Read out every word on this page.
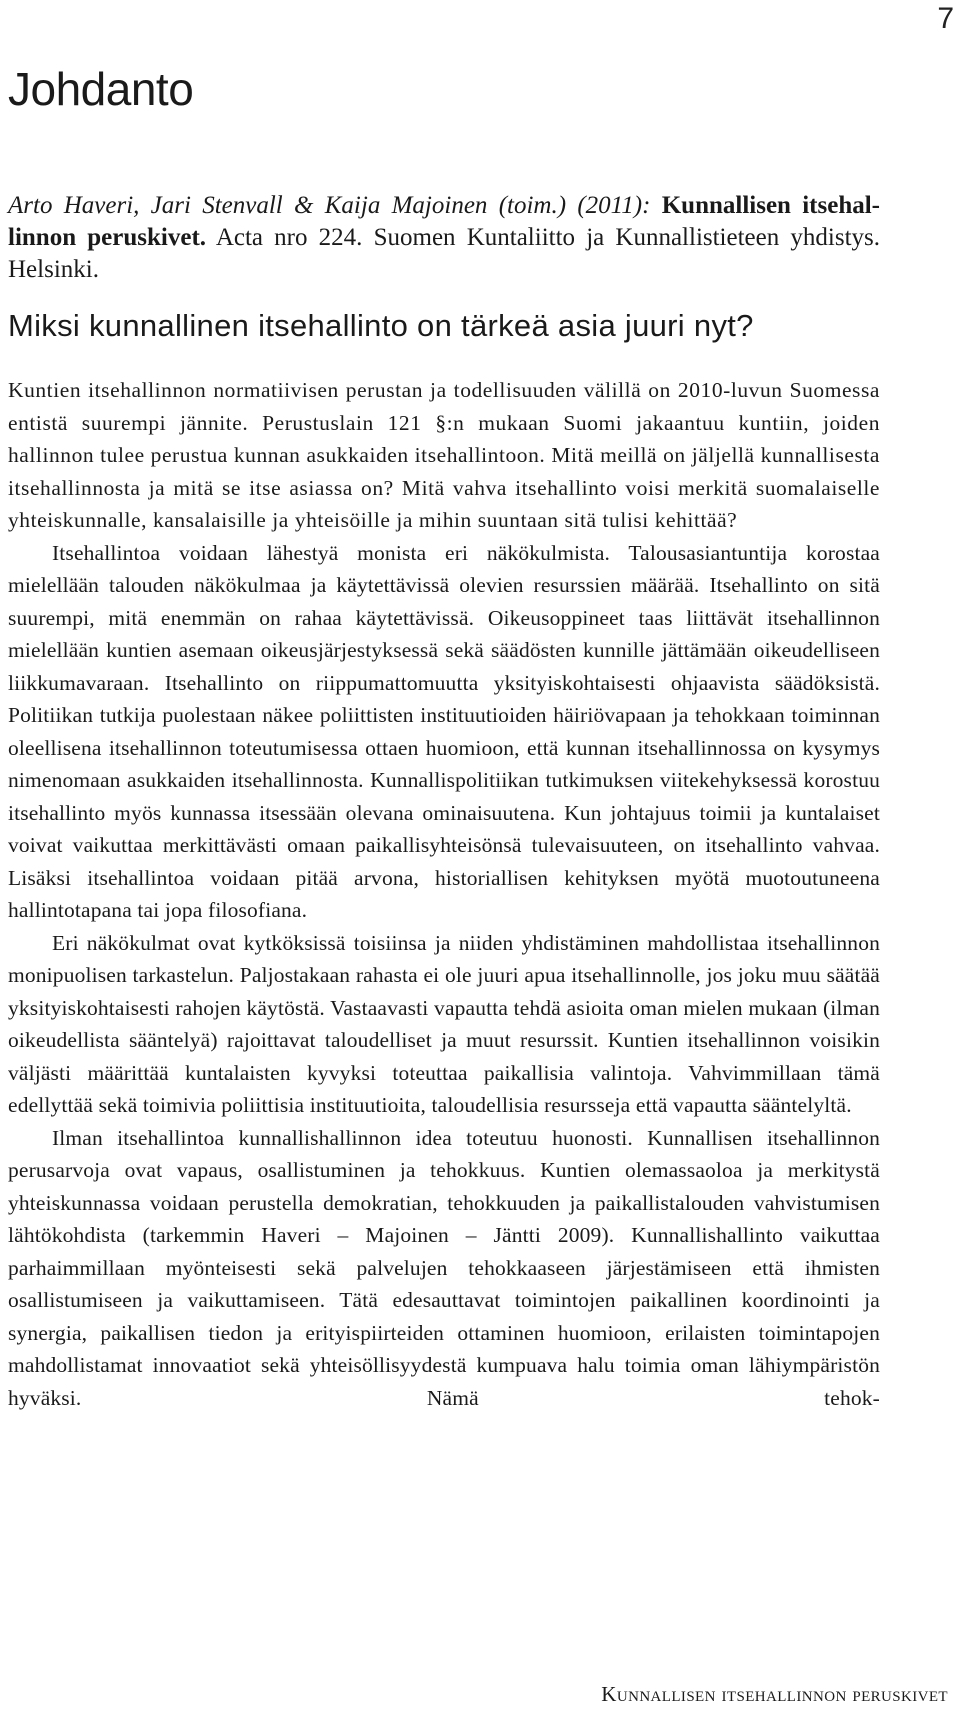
7
Johdanto

Arto Haveri, Jari Stenvall & Kaija Majoinen (toim.) (2011): Kunnallisen itsehallinnon peruskivet. Acta nro 224. Suomen Kuntaliitto ja Kunnallistieteen yhdistys. Helsinki.

Miksi kunnallinen itsehallinto on tärkeä asia juuri nyt?

Kuntien itsehallinnon normatiivisen perustan ja todellisuuden välillä on 2010-luvun Suomessa entistä suurempi jännite. Perustuslain 121 §:n mukaan Suomi jakaantuu kuntiin, joiden hallinnon tulee perustua kunnan asukkaiden itsehallintoon. Mitä meillä on jäljellä kunnallisesta itsehallinnosta ja mitä se itse asiassa on? Mitä vahva itsehallinto voisi merkitä suomalaiselle yhteiskunnalle, kansalaisille ja yhteisöille ja mihin suuntaan sitä tulisi kehittää?

Itsehallintoa voidaan lähestyä monista eri näkökulmista. Talousasiantuntija korostaa mielellään talouden näkökulmaa ja käytettävissä olevien resurssien määrää. Itsehallinto on sitä suurempi, mitä enemmän on rahaa käytettävissä. Oikeusoppineet taas liittävät itsehallinnon mielellään kuntien asemaan oikeusjärjestyksessä sekä säädösten kunnille jättämään oikeudelliseen liikkumavaraan. Itsehallinto on riippumattomuutta yksityiskohtaisesti ohjaavista säädöksistä. Politiikan tutkija puolestaan näkee poliittisten instituutioiden häiriövapaan ja tehokkaan toiminnan oleellisena itsehallinnon toteutumisessa ottaen huomioon, että kunnan itsehallinnossa on kysymys nimenomaan asukkaiden itsehallinnosta. Kunnallispolitiikan tutkimuksen viitekehyksessä korostuu itsehallinto myös kunnassa itsessään olevana ominaisuutena. Kun johtajuus toimii ja kuntalaiset voivat vaikuttaa merkittävästi omaan paikallisyhteisönsä tulevaisuuteen, on itsehallinto vahvaa. Lisäksi itsehallintoa voidaan pitää arvona, historiallisen kehityksen myötä muotoutuneena hallintotapana tai jopa filosofiana.

Eri näkökulmat ovat kytköksissä toisiinsa ja niiden yhdistäminen mahdollistaa itsehallinnon monipuolisen tarkastelun. Paljostakaan rahasta ei ole juuri apua itsehallinnolle, jos joku muu säätää yksityiskohtaisesti rahojen käytöstä. Vastaavasti vapautta tehdä asioita oman mielen mukaan (ilman oikeudellista sääntelyä) rajoittavat taloudelliset ja muut resurssit. Kuntien itsehallinnon voisikin väljästi määrittää kuntalaisten kyvyksi toteuttaa paikallisia valintoja. Vahvimmillaan tämä edellyttää sekä toimivia poliittisia instituutioita, taloudellisia resursseja että vapautta sääntelyltä.

Ilman itsehallintoa kunnallishallinnon idea toteutuu huonosti. Kunnallisen itsehallinnon perusarvoja ovat vapaus, osallistuminen ja tehokkuus. Kuntien olemassaoloa ja merkitystä yhteiskunnassa voidaan perustella demokratian, tehokkuuden ja paikallistalouden vahvistumisen lähtökohdista (tarkemmin Haveri – Majoinen – Jäntti 2009). Kunnallishallinto vaikuttaa parhaimmillaan myönteisesti sekä palvelujen tehokkaaseen järjestämiseen että ihmisten osallistumiseen ja vaikuttamiseen. Tätä edesauttavat toimintojen paikallinen koordinointi ja synergia, paikallisen tiedon ja erityispiirteiden ottaminen huomioon, erilaisten toimintapojen mahdollistamat innovaatiot sekä yhteisöllisyydestä kumpuava halu toimia oman lähiympäristön hyväksi. Nämä tehok-

Kunnallisen itsehallinnon peruskivet
